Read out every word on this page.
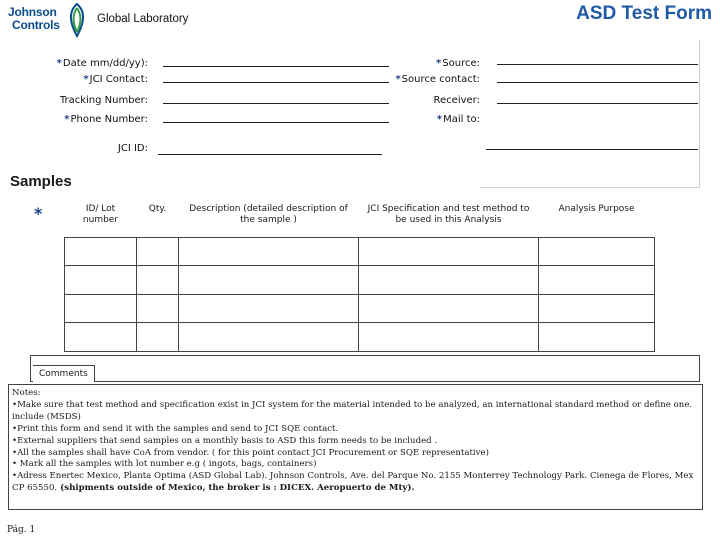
Johnson
Controls	Global Laboratory	ASD Test Form
*Date mm/dd/yy):
*JCI Contact:
Tracking Number:
*Phone Number:
JCI ID:
*Source:
*Source contact:
Receiver:
*Mail to:
Samples
*	ID/ Lot number	Qty.	Description (detailed description of the sample )	JCI Specification and test method to be used in this Analysis	Analysis Purpose

Comments
Notes:
•Make sure that test method and specification exist in JCI system for the material intended to be analyzed, an international standard method or define one. include (MSDS)
•Print this form and send it with the samples and send to JCI SQE contact.
•External suppliers that send samples on a monthly basis to ASD this form needs to be included .
•All the samples shall have CoA from vendor. ( for this point contact JCI Procurement or SQE representative)
• Mark all the samples with lot number e.g ( ingots, bags, containers)
•Adress Enertec Mexico, Planta Optima (ASD Global Lab). Johnson Controls, Ave. del Parque No. 2155 Monterrey Technology Park. Cienega de Flores, Mex CP 65550. (shipments outside of Mexico, the broker is : DICEX. Aeropuerto de Mty).
Pág. 1
